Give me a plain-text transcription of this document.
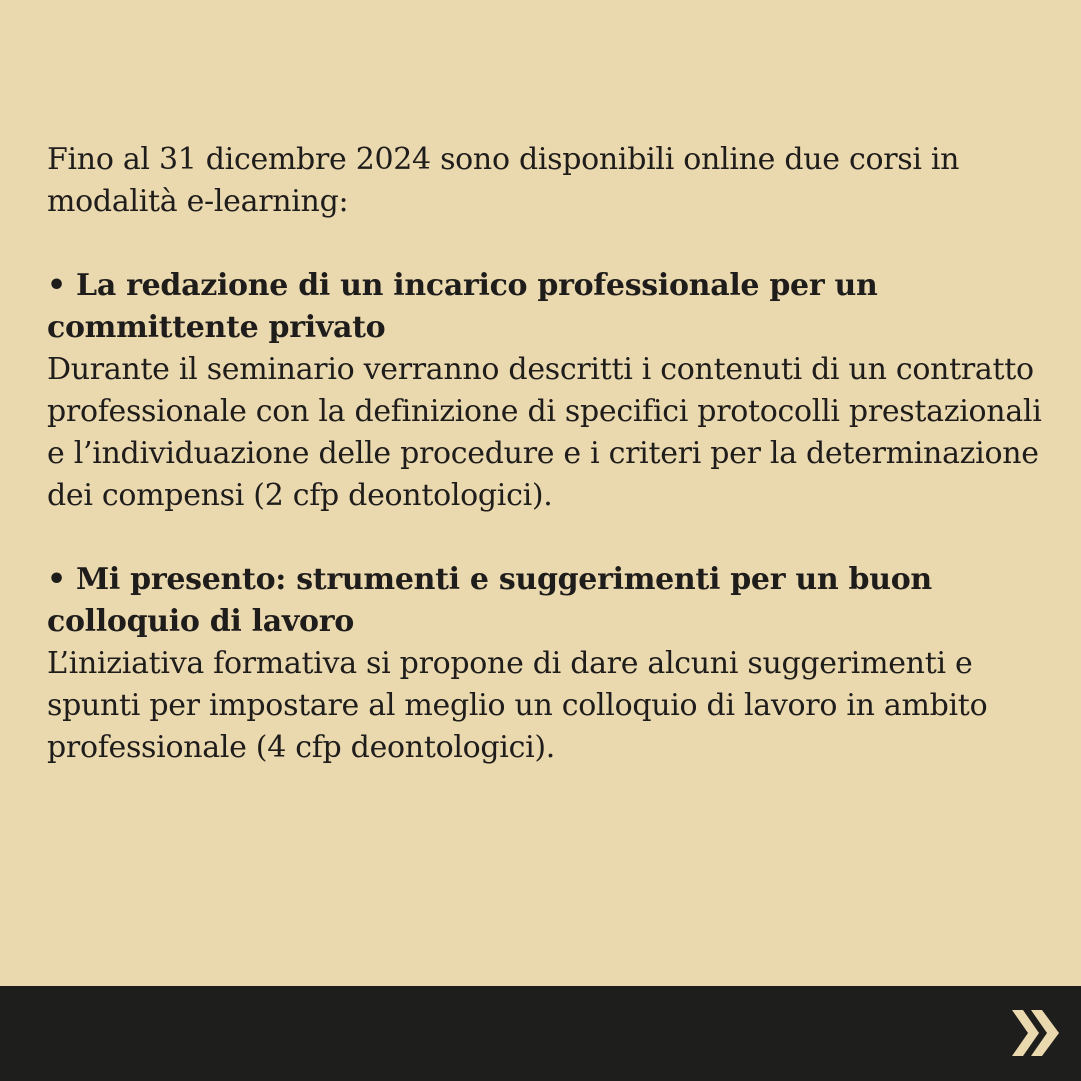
Fino al 31 dicembre 2024 sono disponibili online due corsi in modalità e-learning:

• La redazione di un incarico professionale per un committente privato
Durante il seminario verranno descritti i contenuti di un contratto professionale con la definizione di specifici protocolli prestazionali e l’individuazione delle procedure e i criteri per la determinazione dei compensi (2 cfp deontologici).
• Mi presento: strumenti e suggerimenti per un buon colloquio di lavoro
L’iniziativa formativa si propone di dare alcuni suggerimenti e spunti per impostare al meglio un colloquio di lavoro in ambito professionale (4 cfp deontologici).
